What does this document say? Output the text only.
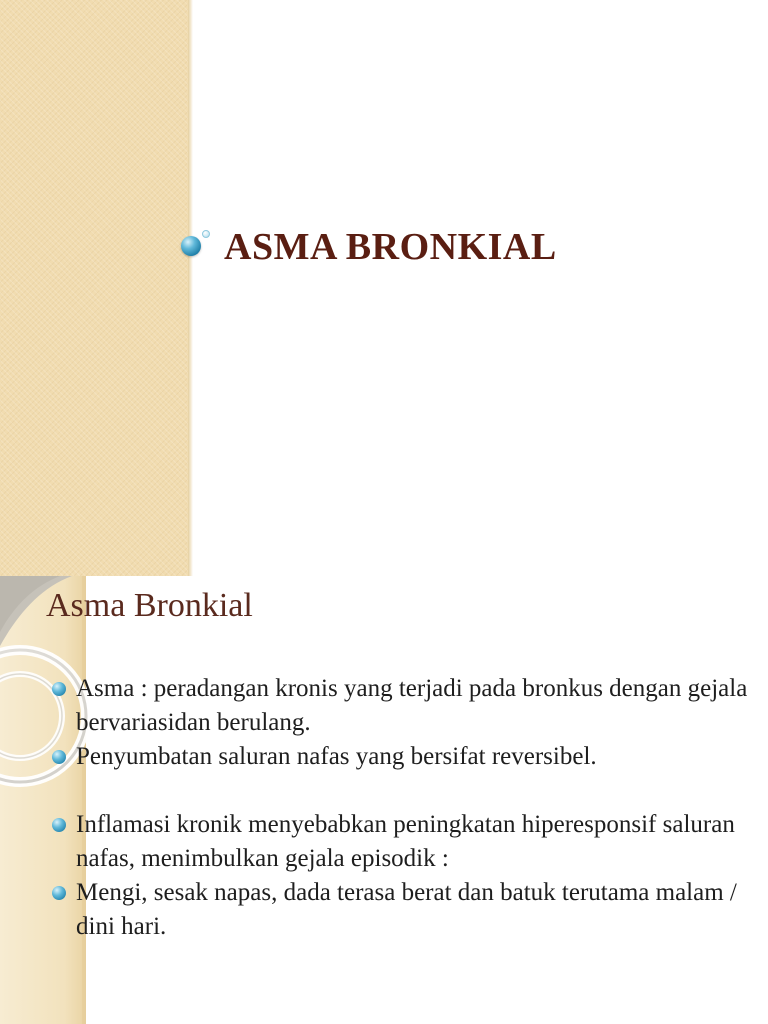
ASMA BRONKIAL
Asma Bronkial
Asma : peradangan kronis yang terjadi pada bronkus dengan gejala bervariasidan berulang.
Penyumbatan saluran nafas yang bersifat reversibel.
Inflamasi kronik menyebabkan peningkatan hiperesponsif saluran nafas, menimbulkan gejala episodik :
Mengi, sesak napas, dada terasa berat dan batuk terutama malam / dini hari.
